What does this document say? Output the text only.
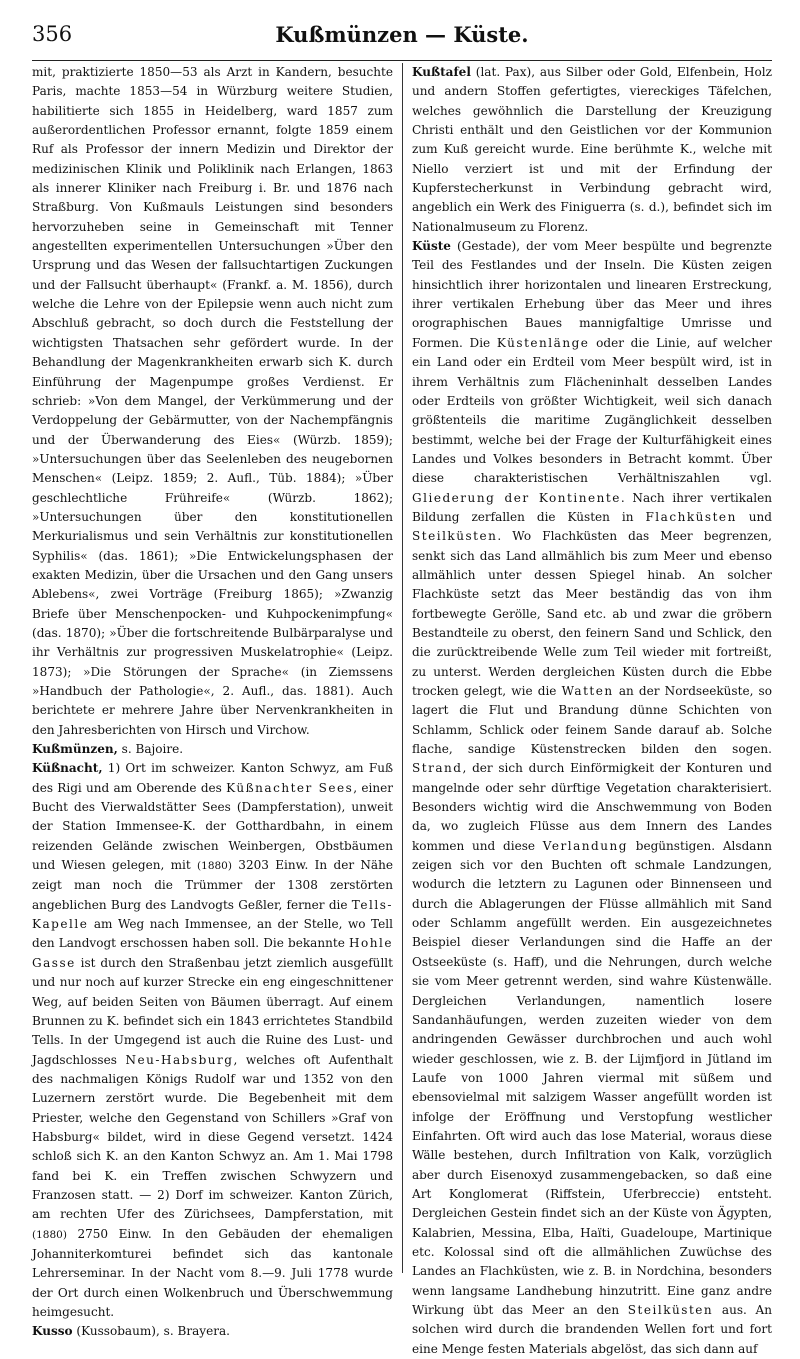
356	Kußmünzen — Küste.

mit, praktizierte 1850—53 als Arzt in Kandern, besuchte Paris, machte 1853—54 in Würzburg weitere Studien, habilitierte sich 1855 in Heidelberg, ward 1857 zum außerordentlichen Professor ernannt, folgte 1859 einem Ruf als Professor der innern Medizin und Direktor der medizinischen Klinik und Poliklinik nach Erlangen, 1863 als innerer Kliniker nach Freiburg i. Br. und 1876 nach Straßburg. Von Kußmauls Leistungen sind besonders hervorzuheben seine in Gemeinschaft mit Tenner angestellten experimentellen Untersuchungen »Über den Ursprung und das Wesen der fallsuchtartigen Zuckungen und der Fallsucht überhaupt« (Frankf. a. M. 1856), durch welche die Lehre von der Epilepsie wenn auch nicht zum Abschluß gebracht, so doch durch die Feststellung der wichtigsten Thatsachen sehr gefördert wurde. In der Behandlung der Magenkrankheiten erwarb sich K. durch Einführung der Magenpumpe großes Verdienst. Er schrieb: »Von dem Mangel, der Verkümmerung und der Verdoppelung der Gebärmutter, von der Nachempfängnis und der Überwanderung des Eies« (Würzb. 1859); »Untersuchungen über das Seelenleben des neugebornen Menschen« (Leipz. 1859; 2. Aufl., Tüb. 1884); »Über geschlechtliche Frühreife« (Würzb. 1862); »Untersuchungen über den konstitutionellen Merkurialismus und sein Verhältnis zur konstitutionellen Syphilis« (das. 1861); »Die Entwickelungsphasen der exakten Medizin, über die Ursachen und den Gang unsers Ablebens«, zwei Vorträge (Freiburg 1865); »Zwanzig Briefe über Menschenpocken- und Kuhpockenimpfung« (das. 1870); »Über die fortschreitende Bulbärparalyse und ihr Verhältnis zur progressiven Muskelatrophie« (Leipz. 1873); »Die Störungen der Sprache« (in Ziemssens »Handbuch der Pathologie«, 2. Aufl., das. 1881). Auch berichtete er mehrere Jahre über Nervenkrankheiten in den Jahresberichten von Hirsch und Virchow.

Kußmünzen, s. Bajoire.

Küßnacht, 1) Ort im schweizer. Kanton Schwyz, am Fuß des Rigi und am Oberende des Küßnachter Sees, einer Bucht des Vierwaldstätter Sees (Dampferstation), unweit der Station Immensee-K. der Gotthardbahn, in einem reizenden Gelände zwischen Weinbergen, Obstbäumen und Wiesen gelegen, mit (1880) 3203 Einw. In der Nähe zeigt man noch die Trümmer der 1308 zerstörten angeblichen Burg des Landvogts Geßler, ferner die Tells-Kapelle am Weg nach Immensee, an der Stelle, wo Tell den Landvogt erschossen haben soll. Die bekannte Hohle Gasse ist durch den Straßenbau jetzt ziemlich ausgefüllt und nur noch auf kurzer Strecke ein eng eingeschnittener Weg, auf beiden Seiten von Bäumen überragt. Auf einem Brunnen zu K. befindet sich ein 1843 errichtetes Standbild Tells. In der Umgegend ist auch die Ruine des Lust- und Jagdschlosses Neu-Habsburg, welches oft Aufenthalt des nachmaligen Königs Rudolf war und 1352 von den Luzernern zerstört wurde. Die Begebenheit mit dem Priester, welche den Gegenstand von Schillers »Graf von Habsburg« bildet, wird in diese Gegend versetzt. 1424 schloß sich K. an den Kanton Schwyz an. Am 1. Mai 1798 fand bei K. ein Treffen zwischen Schwyzern und Franzosen statt. — 2) Dorf im schweizer. Kanton Zürich, am rechten Ufer des Zürichsees, Dampferstation, mit (1880) 2750 Einw. In den Gebäuden der ehemaligen Johanniterkomturei befindet sich das kantonale Lehrerseminar. In der Nacht vom 8.—9. Juli 1778 wurde der Ort durch einen Wolkenbruch und Überschwemmung heimgesucht.

Kusso (Kussobaum), s. Brayera.

Kußtafel (lat. Pax), aus Silber oder Gold, Elfenbein, Holz und andern Stoffen gefertigtes, viereckiges Täfelchen, welches gewöhnlich die Darstellung der Kreuzigung Christi enthält und den Geistlichen vor der Kommunion zum Kuß gereicht wurde. Eine berühmte K., welche mit Niello verziert ist und mit der Erfindung der Kupferstecherkunst in Verbindung gebracht wird, angeblich ein Werk des Finiguerra (s. d.), befindet sich im Nationalmuseum zu Florenz.

Küste (Gestade), der vom Meer bespülte und begrenzte Teil des Festlandes und der Inseln. Die Küsten zeigen hinsichtlich ihrer horizontalen und linearen Erstreckung, ihrer vertikalen Erhebung über das Meer und ihres orographischen Baues mannigfaltige Umrisse und Formen. Die Küstenlänge oder die Linie, auf welcher ein Land oder ein Erdteil vom Meer bespült wird, ist in ihrem Verhältnis zum Flächeninhalt desselben Landes oder Erdteils von größter Wichtigkeit, weil sich danach größtenteils die maritime Zugänglichkeit desselben bestimmt, welche bei der Frage der Kulturfähigkeit eines Landes und Volkes besonders in Betracht kommt. Über diese charakteristischen Verhältniszahlen vgl. Gliederung der Kontinente. Nach ihrer vertikalen Bildung zerfallen die Küsten in Flachküsten und Steilküsten. Wo Flachküsten das Meer begrenzen, senkt sich das Land allmählich bis zum Meer und ebenso allmählich unter dessen Spiegel hinab. An solcher Flachküste setzt das Meer beständig das von ihm fortbewegte Gerölle, Sand etc. ab und zwar die gröbern Bestandteile zu oberst, den feinern Sand und Schlick, den die zurücktreibende Welle zum Teil wieder mit fortreißt, zu unterst. Werden dergleichen Küsten durch die Ebbe trocken gelegt, wie die Watten an der Nordseeküste, so lagert die Flut und Brandung dünne Schichten von Schlamm, Schlick oder feinem Sande darauf ab. Solche flache, sandige Küstenstrecken bilden den sogen. Strand, der sich durch Einförmigkeit der Konturen und mangelnde oder sehr dürftige Vegetation charakterisiert. Besonders wichtig wird die Anschwemmung von Boden da, wo zugleich Flüsse aus dem Innern des Landes kommen und diese Verlandung begünstigen. Alsdann zeigen sich vor den Buchten oft schmale Landzungen, wodurch die letztern zu Lagunen oder Binnenseen und durch die Ablagerungen der Flüsse allmählich mit Sand oder Schlamm angefüllt werden. Ein ausgezeichnetes Beispiel dieser Verlandungen sind die Haffe an der Ostseeküste (s. Haff), und die Nehrungen, durch welche sie vom Meer getrennt werden, sind wahre Küstenwälle. Dergleichen Verlandungen, namentlich losere Sandanhäufungen, werden zuzeiten wieder von dem andringenden Gewässer durchbrochen und auch wohl wieder geschlossen, wie z. B. der Lijmfjord in Jütland im Laufe von 1000 Jahren viermal mit süßem und ebensovielmal mit salzigem Wasser angefüllt worden ist infolge der Eröffnung und Verstopfung westlicher Einfahrten. Oft wird auch das lose Material, woraus diese Wälle bestehen, durch Infiltration von Kalk, vorzüglich aber durch Eisenoxyd zusammengebacken, so daß eine Art Konglomerat (Riffstein, Uferbreccie) entsteht. Dergleichen Gestein findet sich an der Küste von Ägypten, Kalabrien, Messina, Elba, Haïti, Guadeloupe, Martinique etc. Kolossal sind oft die allmählichen Zuwüchse des Landes an Flachküsten, wie z. B. in Nordchina, besonders wenn langsame Landhebung hinzutritt. Eine ganz andre Wirkung übt das Meer an den Steilküsten aus. An solchen wird durch die brandenden Wellen fort und fort eine Menge festen Materials abgelöst, das sich dann auf
